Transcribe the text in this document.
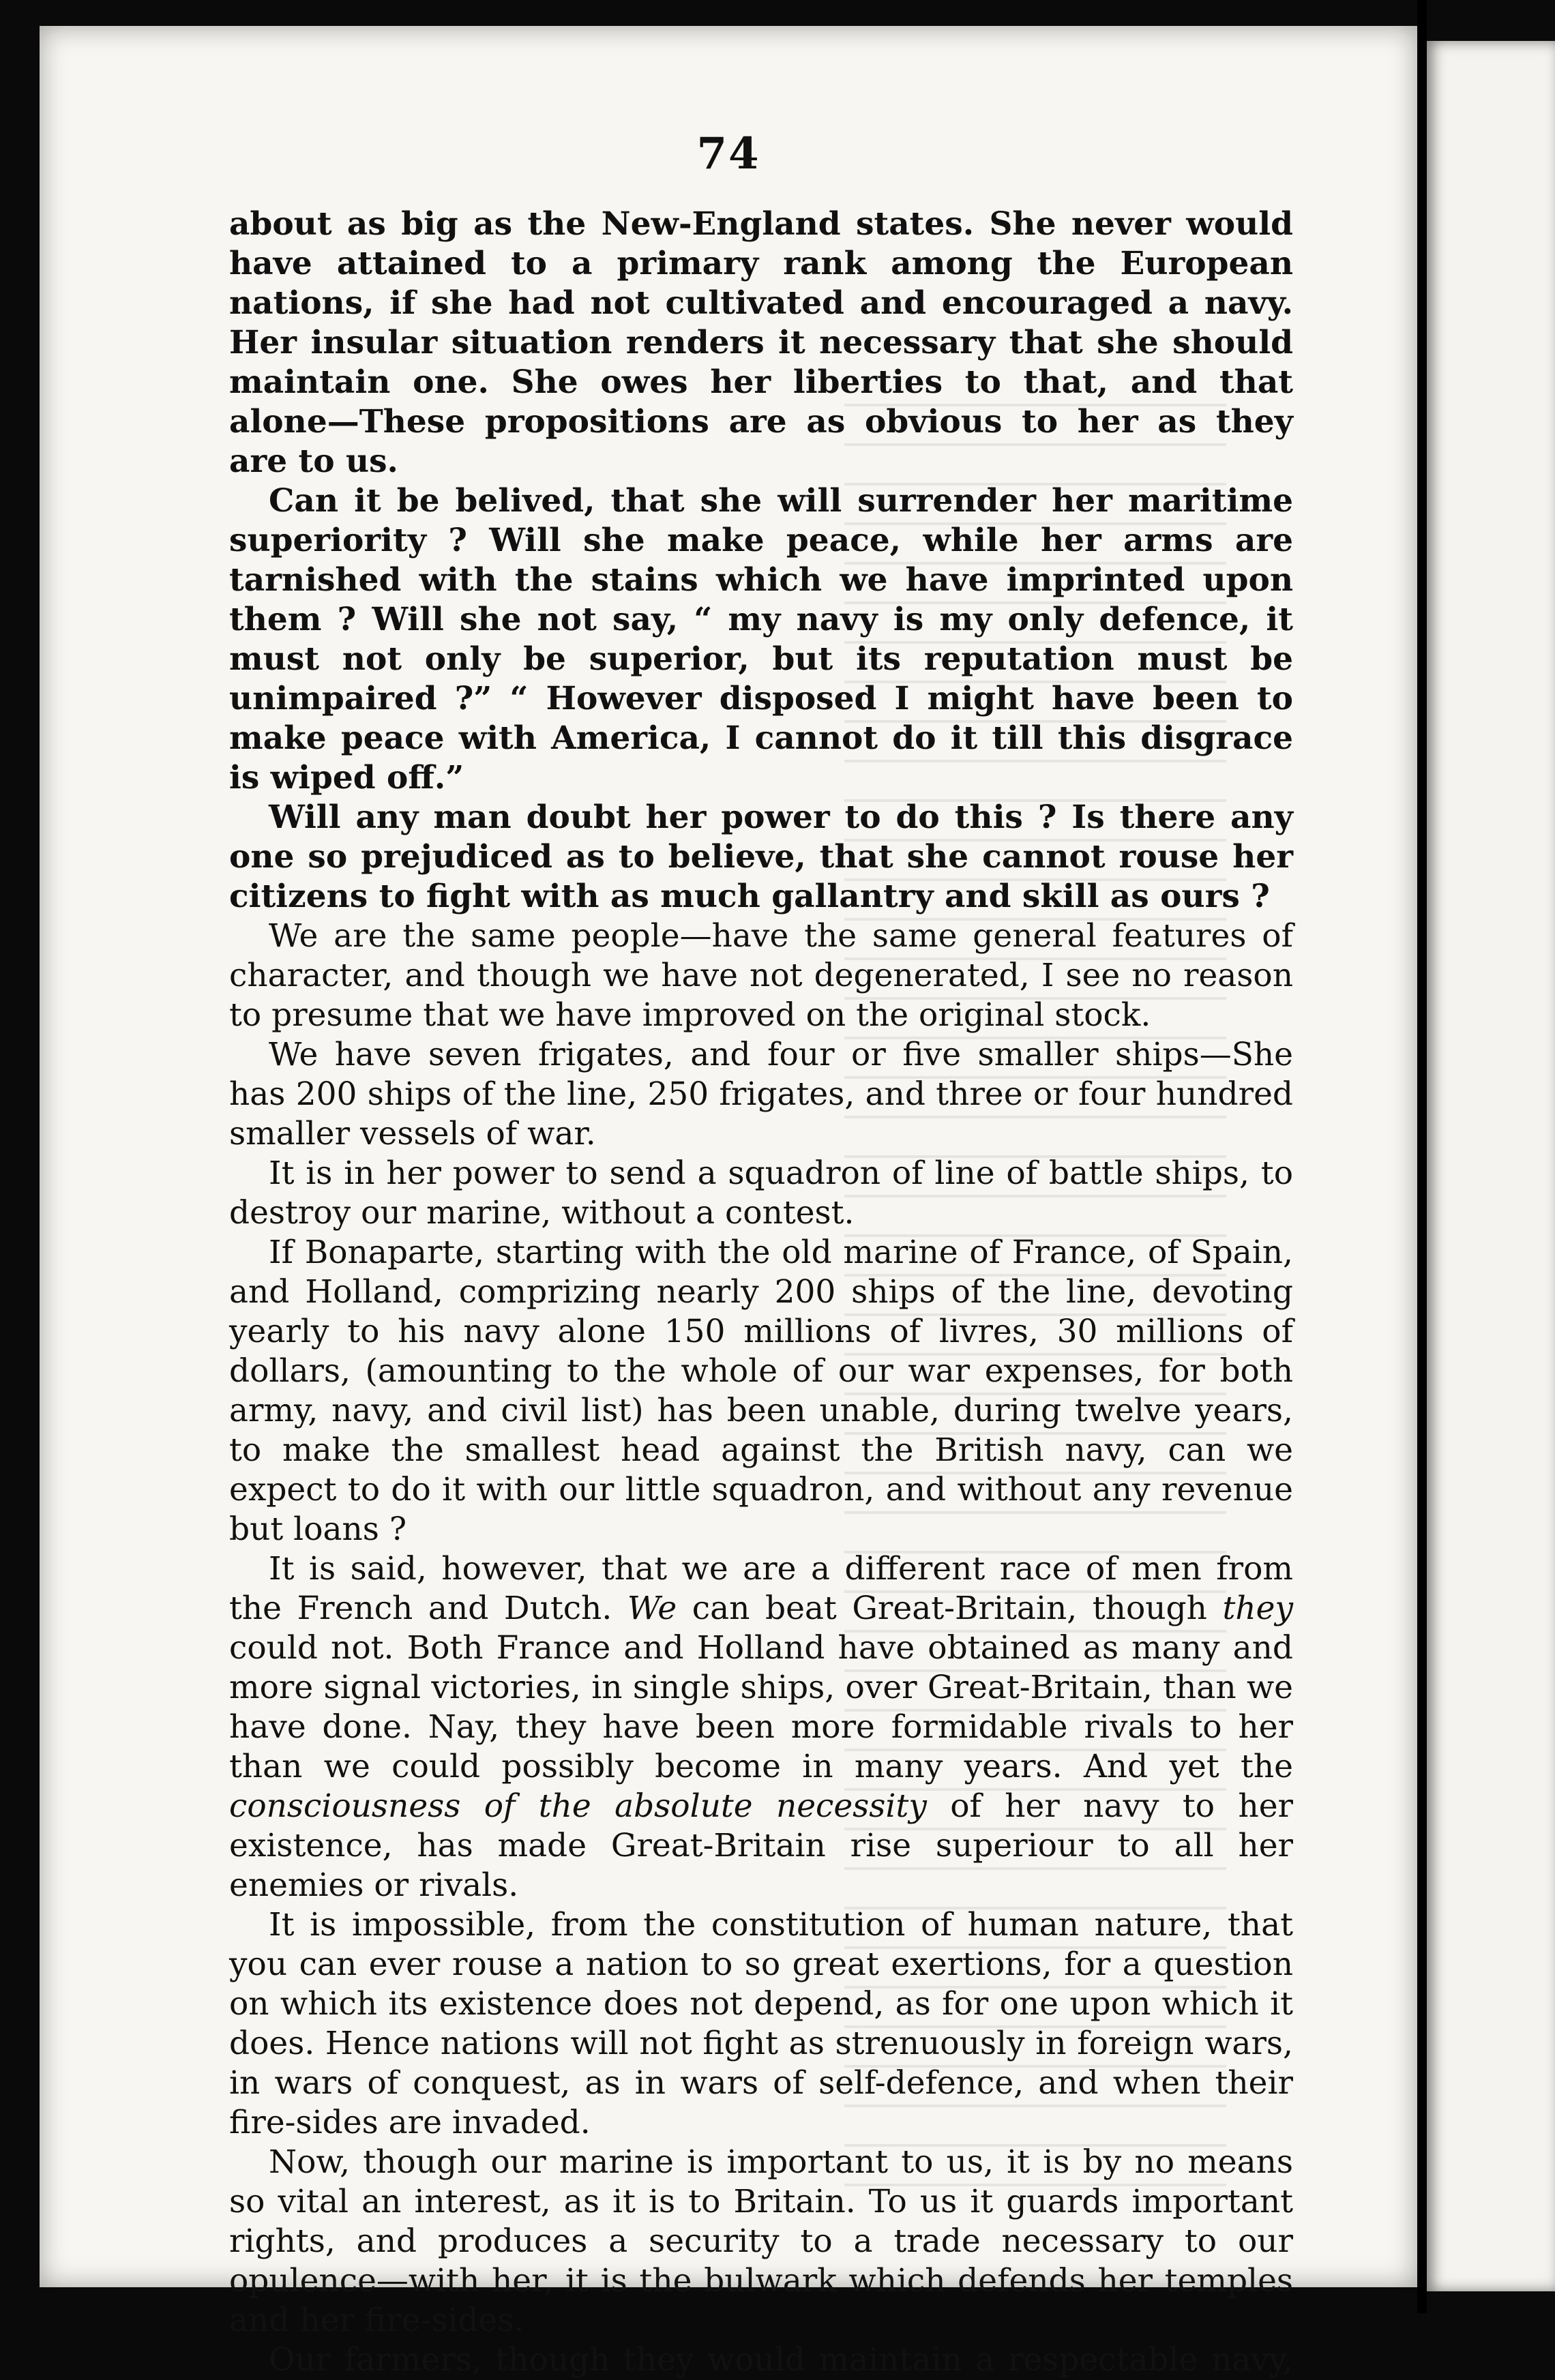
74

about as big as the New-England states. She never would have attained to a primary rank among the European nations, if she had not cultivated and encouraged a navy. Her insular situation renders it necessary that she should maintain one. She owes her liberties to that, and that alone—These propositions are as obvious to her as they are to us.

Can it be belived, that she will surrender her maritime superiority ? Will she make peace, while her arms are tarnished with the stains which we have imprinted upon them ? Will she not say, “ my navy is my only defence, it must not only be superior, but its reputation must be unimpaired ?” “ However disposed I might have been to make peace with America, I cannot do it till this disgrace is wiped off.”

Will any man doubt her power to do this ? Is there any one so prejudiced as to believe, that she cannot rouse her citizens to fight with as much gallantry and skill as ours ?

We are the same people—have the same general features of character, and though we have not degenerated, I see no reason to presume that we have improved on the original stock.

We have seven frigates, and four or five smaller ships—She has 200 ships of the line, 250 frigates, and three or four hundred smaller vessels of war.

It is in her power to send a squadron of line of battle ships, to destroy our marine, without a contest.

If Bonaparte, starting with the old marine of France, of Spain, and Holland, comprizing nearly 200 ships of the line, devoting yearly to his navy alone 150 millions of livres, 30 millions of dollars, (amounting to the whole of our war expenses, for both army, navy, and civil list) has been unable, during twelve years, to make the smallest head against the British navy, can we expect to do it with our little squadron, and without any revenue but loans ?

It is said, however, that we are a different race of men from the French and Dutch. We can beat Great-Britain, though they could not. Both France and Holland have obtained as many and more signal victories, in single ships, over Great-Britain, than we have done. Nay, they have been more formidable rivals to her than we could possibly become in many years. And yet the consciousness of the absolute necessity of her navy to her existence, has made Great-Britain rise superiour to all her enemies or rivals.

It is impossible, from the constitution of human nature, that you can ever rouse a nation to so great exertions, for a question on which its existence does not depend, as for one upon which it does. Hence nations will not fight as strenuously in foreign wars, in wars of conquest, as in wars of self-defence, and when their fire-sides are invaded.

Now, though our marine is important to us, it is by no means so vital an interest, as it is to Britain. To us it guards important rights, and produces a security to a trade necessary to our opulence—with her, it is the bulwark which defends her temples and her fire-sides.

Our farmers, though they would maintain a respectable navy,
